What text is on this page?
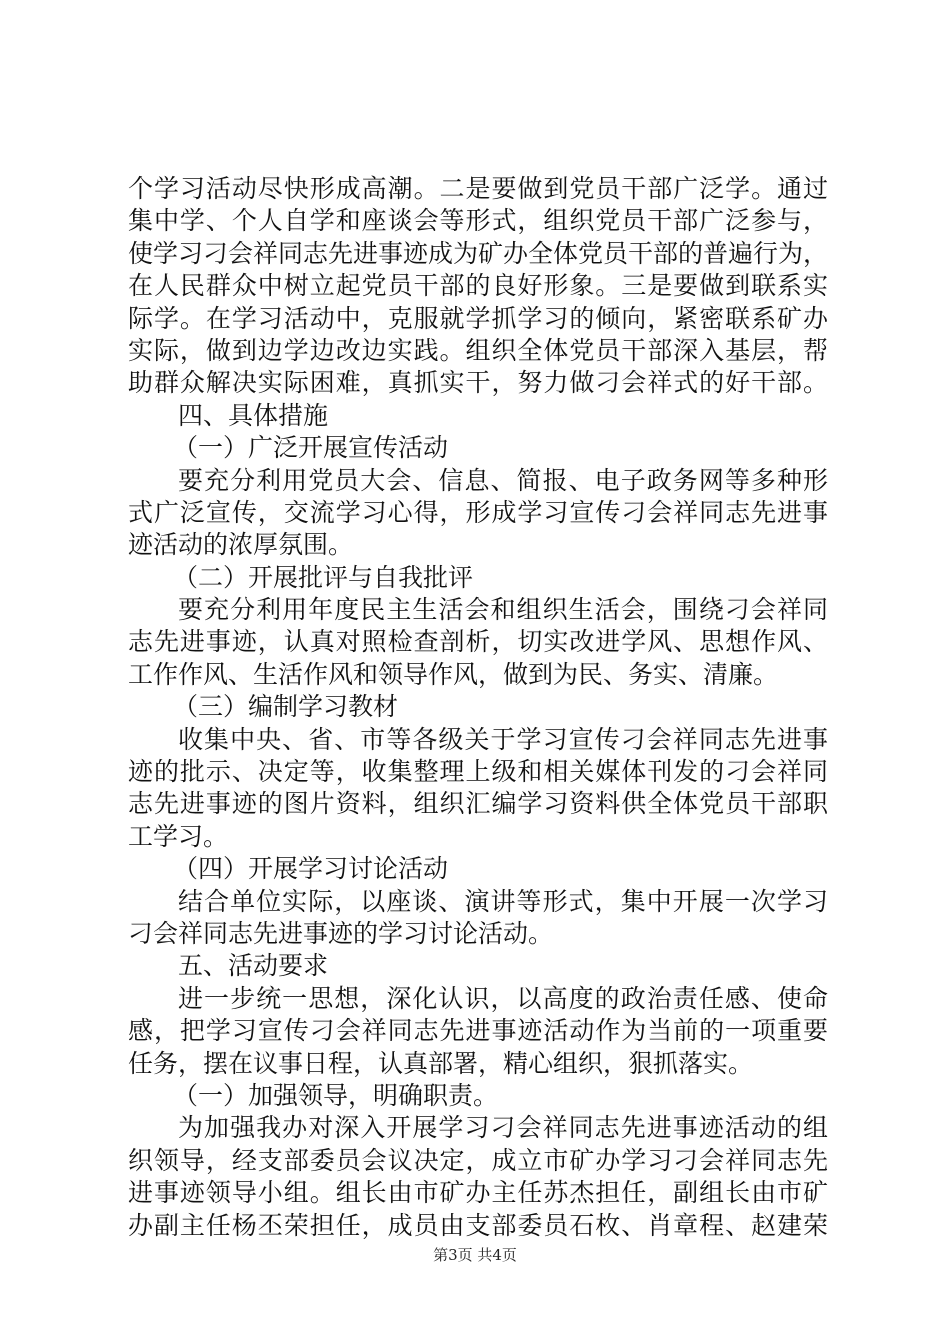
个学习活动尽快形成高潮。二是要做到党员干部广泛学。通过
集中学、个人自学和座谈会等形式，组织党员干部广泛参与，
使学习刁会祥同志先进事迹成为矿办全体党员干部的普遍行为，
在人民群众中树立起党员干部的良好形象。三是要做到联系实
际学。在学习活动中，克服就学抓学习的倾向，紧密联系矿办
实际，做到边学边改边实践。组织全体党员干部深入基层，帮
助群众解决实际困难，真抓实干，努力做刁会祥式的好干部。
四、具体措施
（一）广泛开展宣传活动
要充分利用党员大会、信息、简报、电子政务网等多种形
式广泛宣传，交流学习心得，形成学习宣传刁会祥同志先进事
迹活动的浓厚氛围。
（二）开展批评与自我批评
要充分利用年度民主生活会和组织生活会，围绕刁会祥同
志先进事迹，认真对照检查剖析，切实改进学风、思想作风、
工作作风、生活作风和领导作风，做到为民、务实、清廉。
（三）编制学习教材
收集中央、省、市等各级关于学习宣传刁会祥同志先进事
迹的批示、决定等，收集整理上级和相关媒体刊发的刁会祥同
志先进事迹的图片资料，组织汇编学习资料供全体党员干部职
工学习。
（四）开展学习讨论活动
结合单位实际，以座谈、演讲等形式，集中开展一次学习
刁会祥同志先进事迹的学习讨论活动。
五、活动要求
进一步统一思想，深化认识，以高度的政治责任感、使命
感，把学习宣传刁会祥同志先进事迹活动作为当前的一项重要
任务，摆在议事日程，认真部署，精心组织，狠抓落实。
（一）加强领导，明确职责。
为加强我办对深入开展学习刁会祥同志先进事迹活动的组
织领导，经支部委员会议决定，成立市矿办学习刁会祥同志先
进事迹领导小组。组长由市矿办主任苏杰担任，副组长由市矿
办副主任杨丕荣担任，成员由支部委员石枚、肖章程、赵建荣
第3页 共4页
